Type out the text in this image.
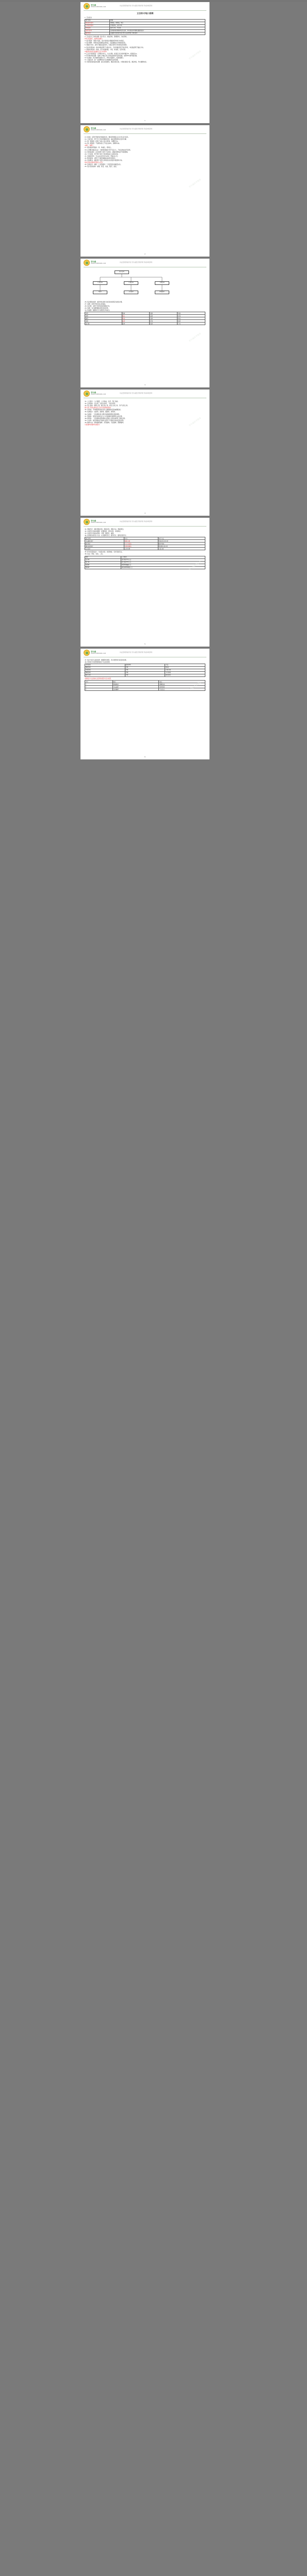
学尔森
WWW.XUEERSEN.COM
执业医师资格考试 学尔森医学教育网 考前冲刺资料
卫生统计学复习提纲
1. 卫生统计
统计资料	数据
数值变量资料	观察值，测量值，单位
分类变量资料	计数资料，无序分类
等级资料	有序分类，半定量
总体与样本	总体是同质观察单位的全体，样本是总体中随机抽取的部分
抽样误差	由抽样引起的样本统计量与总体参数之间的差异

2. 卫生统计工作的步骤：统计设计，收集资料，整理资料，分析资料。

样本含量越大，抽样误差越小

3. 统计描述：用统计指标、统计表和统计图描述资料的分布特征。

4. 统计推断：用样本信息推断总体特征，包括参数估计和假设检验。

5. 频数分布表：适用于数值变量资料，可揭示资料分布的特征和类型。

6. 集中趋势指标：算术均数适用于对称分布，几何均数适用于等比资料，中位数适用于偏态分布。

7. 离散趋势指标：极差，四分位数间距，方差，标准差，变异系数。

均数和标准差全面描述正态分布资料

8. 正态分布的特征：以均数为中心，左右对称，标准正态分布的均数为0，标准差为1。

9. 医学参考值范围：指绝大多数正常人的某指标值所在的范围，常用95%参考值范围。

10. 标准误：表示抽样误差的大小，样本含量越大，标准误越小。

11. 可信区间：按一定的概率估计总体参数所在的范围。

12. 假设检验的基本步骤：建立检验假设，确定检验水准，计算检验统计量，确定P值，作出推断结论。

学尔森医学教育
1
学尔森
WWW.XUEERSEN.COM
执业医师资格考试 学尔森医学教育网 考前冲刺资料

13. t检验：适用于两样本均数的比较，要求资料服从正态分布且方差齐。

14. 方差分析：用于多个样本均数的比较，基本思想是将总变异分解。

15. 第一类错误：拒绝了实际上成立的H0，其概率为α。

16. 第二类错误：不拒绝实际上不成立的H0，其概率为β。

α越小，β越大

17. 相对数常用指标：率，构成比，相对比。

18. 应用相对数应注意：计算相对数时分母不宜过小，不能以构成比代替率。

19. 率的标准化：在比较两个或多个总率时，消除内部构成不同的影响。

20. 卡方检验：用于两个或多个率或构成比之间的比较。

21. 四格表资料：当n≥40且所有T≥5时，用基本公式。

22. 秩和检验：适用于不满足参数检验条件的资料。

23. 直线相关：描述两个变量之间线性关系的密切程度和方向。

相关系数r的取值范围为-1至1

24. 直线回归：描述一个变量随另一个变量变化的数量关系。

25. 统计表的结构：标题，标目，线条，数字，备注。

学尔森医学教育
2
学尔森
WWW.XUEERSEN.COM
执业医师资格考试 学尔森医学教育网 考前冲刺资料
统计资料
计量资料	计数资料	等级资料
t检验	卡方检验	秩和检验

26. 统计图的选择：按资料性质和分析目的选择适当的统计图。

27. 条图：适用于相互独立的指标。

28. 直方图：适用于连续变量的频数分布。

29. 线图：表示事物随时间变化的趋势。

30. 构成图：圆图和百分条图表示构成比。

类型	资料	图形	用途
条图	独立	直条	比较
圆图	构成	扇形	构成
线图	连续	折线	趋势
直方图	连续	矩形	分布
学尔森医学教育
3
学尔森
WWW.XUEERSEN.COM
执业医师资格考试 学尔森医学教育网 考前冲刺资料

31. 人口统计：人口数量，人口构成，生育，死亡指标。

32. 生育指标：出生率，总和生育率，一般生育率。

33. 死亡指标：粗死亡率，婴儿死亡率，新生儿死亡率，孕产妇死亡率。

婴儿死亡率是反映社会卫生状况的敏感指标

34. 寿命表：平均期望寿命是评价人群健康状况的重要指标。

35. 疾病统计：发病率，患病率，罹患率，病死率。

36. 发病率：一定时期内某人群中某病新病例出现的频率。

37. 患病率：某特定时间内总人口中某病新旧病例所占的比例。

38. 病死率：一定时期内患某病的全部病人中因该病死亡者的比例。

39. 生存率：接受某种治疗的病人经若干年随访后尚存活的比例。

40. 抽样方法：单纯随机抽样，系统抽样，分层抽样，整群抽样。

分层抽样的抽样误差最小	学尔森医学教育
4
学尔森
WWW.XUEERSEN.COM
执业医师资格考试 学尔森医学教育网 考前冲刺资料

41. 调查设计：确定调查目的，调查对象，调查方法，调查项目。

42. 实验设计的基本要素：处理因素，受试对象，实验效应。

43. 实验设计的基本原则：对照，随机化，重复。

44. 常用的实验设计方法：完全随机设计，配对设计，随机区组设计。

设计类型	特点	统计方法
完全随机设计	随机分组	t检验或方差分析
配对设计	对子内差值	配对t检验
随机区组设计	区组内随机	两因素方差分析
交叉设计	自身对照	方差分析

45. 样本含量的估计：与检验水准、检验效能、容许误差有关。

46. 盲法：单盲，双盲，三盲。

指标	公式要点
出生率	活产数/平均人口
死亡率	死亡数/平均人口
发病率	新病例/暴露人口
患病率	新旧病例/调查人口	学尔森医学教育
5
学尔森
WWW.XUEERSEN.COM
执业医师资格考试 学尔森医学教育网 考前冲刺资料

47. 统计分析方法的选择：根据资料类型，设计类型和分析目的选择。

48. 资料的分布类型影响统计方法的选择。

分析目的	资料类型	方法
两组比较	计量	t检验
多组比较	计量	方差分析
两组比较	计数	卡方检验
相关分析	计量	相关回归

选择统计方法的核心是资料类型与设计类型

序号	要点	备注
1	数据核查	逻辑检查
2	方法选择	条件检验
3	结果解释	专业结合	学尔森医学教育
6
